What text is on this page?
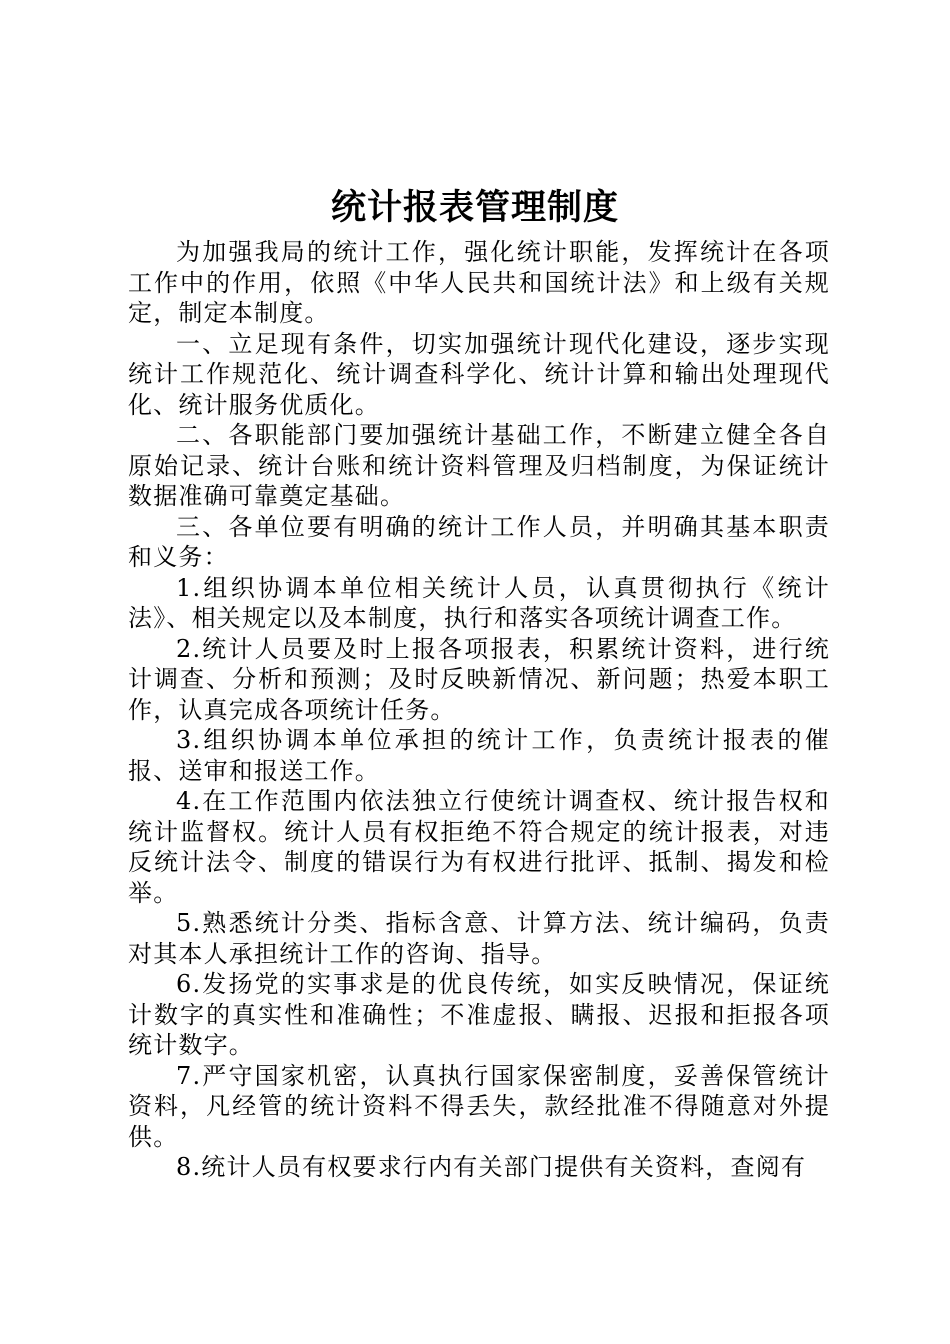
统计报表管理制度

为加强我局的统计工作，强化统计职能，发挥统计在各项工作中的作用，依照《中华人民共和国统计法》和上级有关规定，制定本制度。

一、立足现有条件，切实加强统计现代化建设，逐步实现统计工作规范化、统计调查科学化、统计计算和输出处理现代化、统计服务优质化。

二、各职能部门要加强统计基础工作，不断建立健全各自原始记录、统计台账和统计资料管理及归档制度，为保证统计数据准确可靠奠定基础。

三、各单位要有明确的统计工作人员，并明确其基本职责和义务：

1.组织协调本单位相关统计人员，认真贯彻执行《统计法》、相关规定以及本制度，执行和落实各项统计调查工作。

2.统计人员要及时上报各项报表，积累统计资料，进行统计调查、分析和预测；及时反映新情况、新问题；热爱本职工作，认真完成各项统计任务。

3.组织协调本单位承担的统计工作，负责统计报表的催报、送审和报送工作。

4.在工作范围内依法独立行使统计调查权、统计报告权和统计监督权。统计人员有权拒绝不符合规定的统计报表，对违反统计法令、制度的错误行为有权进行批评、抵制、揭发和检举。

5.熟悉统计分类、指标含意、计算方法、统计编码，负责对其本人承担统计工作的咨询、指导。

6.发扬党的实事求是的优良传统，如实反映情况，保证统计数字的真实性和准确性；不准虚报、瞒报、迟报和拒报各项统计数字。

7.严守国家机密，认真执行国家保密制度，妥善保管统计资料，凡经管的统计资料不得丢失，款经批准不得随意对外提供。

8.统计人员有权要求行内有关部门提供有关资料，查阅有
